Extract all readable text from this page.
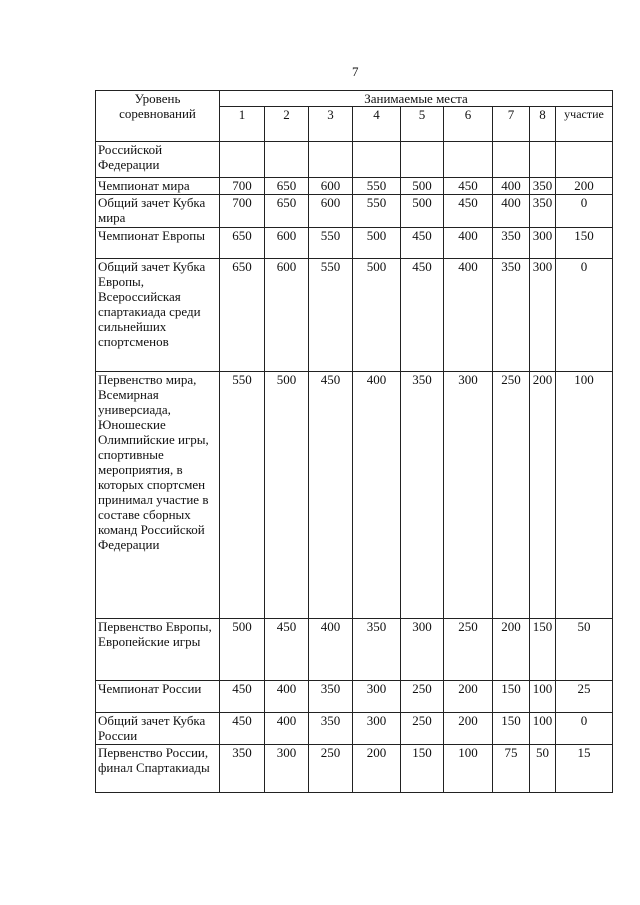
7
Уровень соревнований	Занимаемые места								
	1	2	3	4	5	6	7	8	участие
Российской Федерации									
Чемпионат мира	700	650	600	550	500	450	400	350	200
Общий зачет Кубка мира	700	650	600	550	500	450	400	350	0
Чемпионат Европы	650	600	550	500	450	400	350	300	150
Общий зачет Кубка Европы, Всероссийская спартакиада среди сильнейших спортсменов	650	600	550	500	450	400	350	300	0
Первенство мира, Всемирная универсиада, Юношеские Олимпийские игры, спортивные мероприятия, в которых спортсмен принимал участие в составе сборных команд Российской Федерации	550	500	450	400	350	300	250	200	100
Первенство Европы, Европейские игры	500	450	400	350	300	250	200	150	50
Чемпионат России	450	400	350	300	250	200	150	100	25
Общий зачет Кубка России	450	400	350	300	250	200	150	100	0
Первенство России, финал Спартакиады	350	300	250	200	150	100	75	50	15
